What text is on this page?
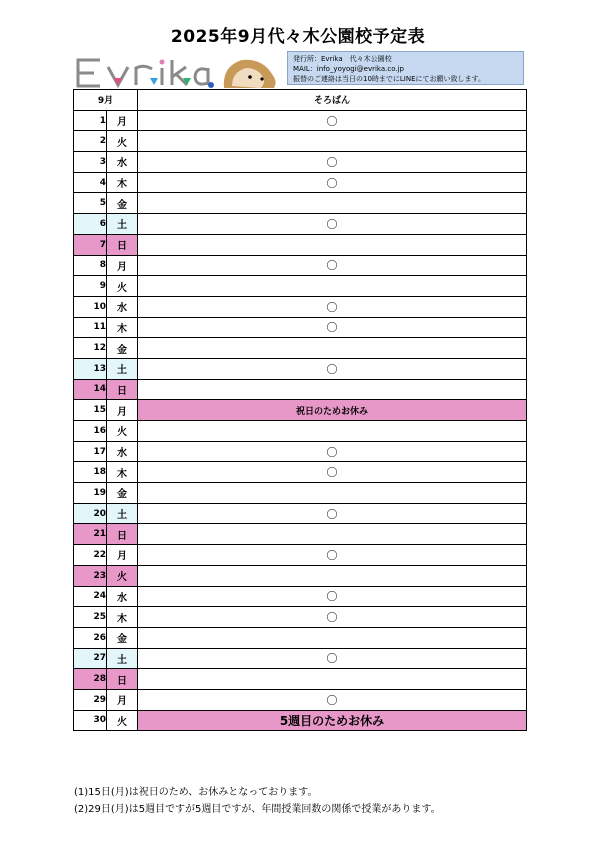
2025年9月代々木公園校予定表
発行所：Evrika　代々木公園校
MAIL：info_yoyogi@evrika.co.jp
振替のご連絡は当日の10時までにLINEにてお願い致します。
9月		そろばん
1	月	〇
2	火	
3	水	〇
4	木	〇
5	金	
6	土	〇
7	日	
8	月	〇
9	火	
10	水	〇
11	木	〇
12	金	
13	土	〇
14	日	
15	月	祝日のためお休み
16	火	
17	水	〇
18	木	〇
19	金	
20	土	〇
21	日	
22	月	〇
23	火	
24	水	〇
25	木	〇
26	金	
27	土	〇
28	日	
29	月	〇
30	火	5週目のためお休み
(1)15日(月)は祝日のため、お休みとなっております。
(2)29日(月)は5週目ですが5週目ですが、年間授業回数の関係で授業があります。
